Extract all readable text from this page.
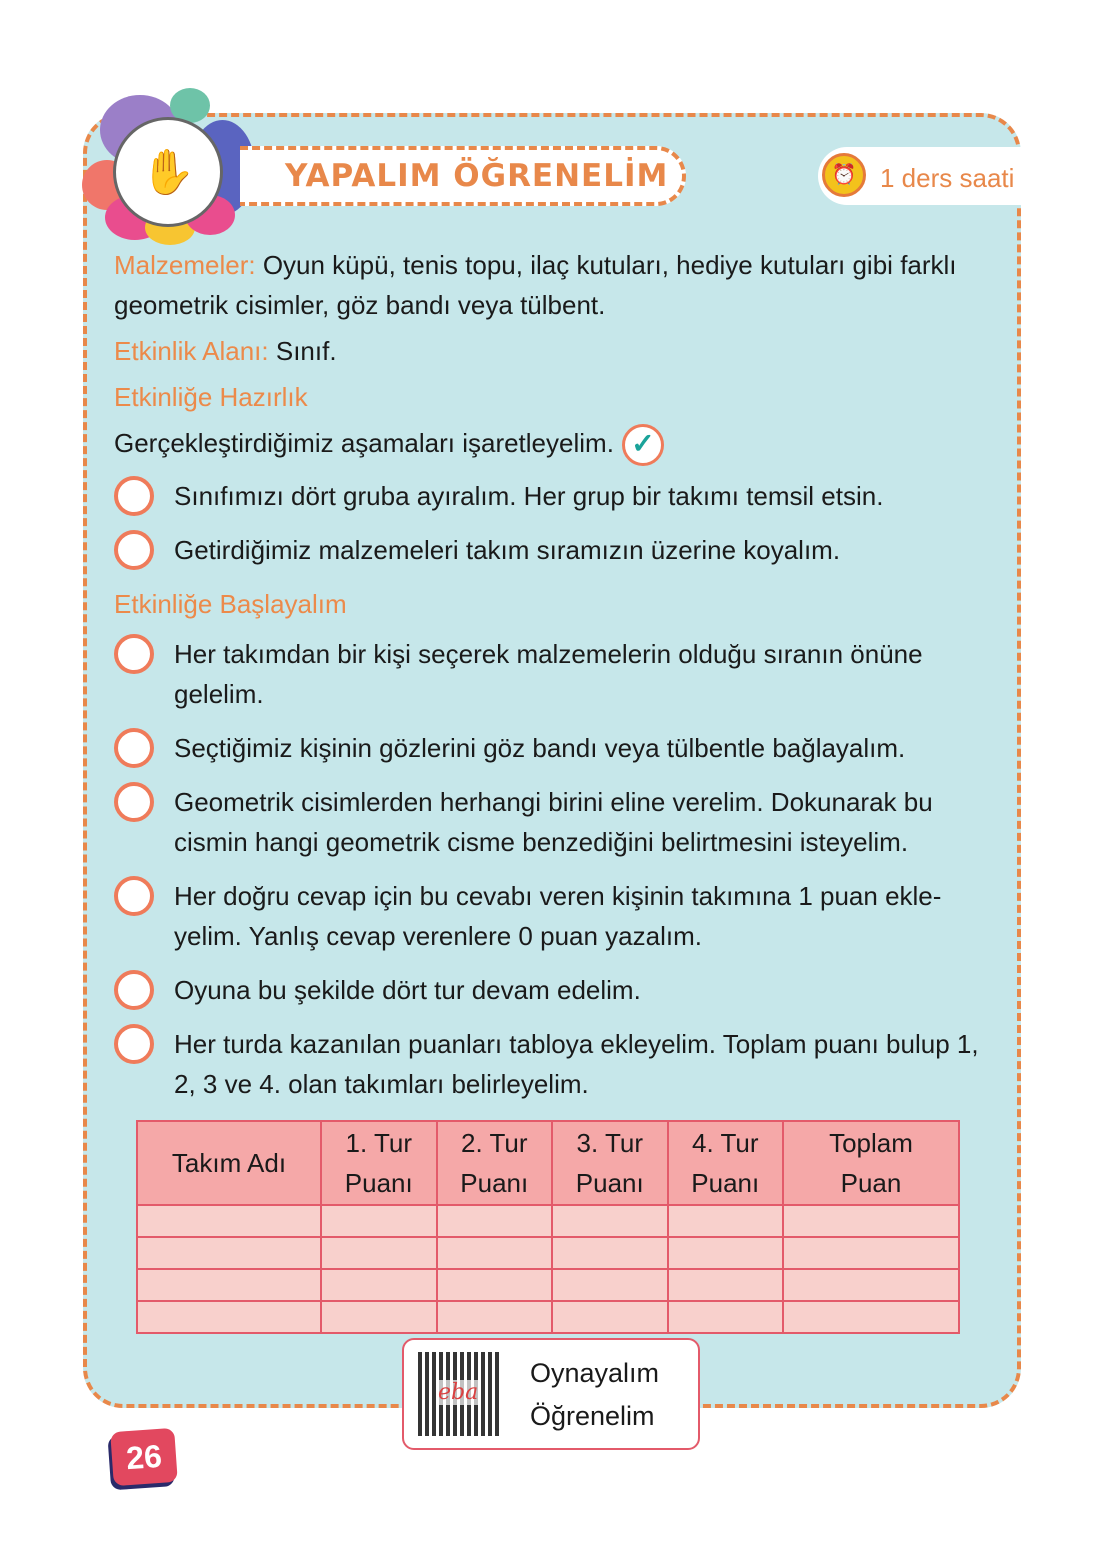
Malzemeler: Oyun küpü, tenis topu, ilaç kutuları, hediye kutuları gibi farklı geometrik cisimler, göz bandı veya tülbent.
Etkinlik Alanı: Sınıf.
Etkinliğe Hazırlık
Gerçekleştirdiğimiz aşamaları işaretleyelim. ✓
Sınıfımızı dört gruba ayıralım. Her grup bir takımı temsil etsin.
Getirdiğimiz malzemeleri takım sıramızın üzerine koyalım.
Etkinliğe Başlayalım
Her takımdan bir kişi seçerek malzemelerin olduğu sıranın önüne gelelim.
Seçtiğimiz kişinin gözlerini göz bandı veya tülbentle bağlayalım.
Geometrik cisimlerden herhangi birini eline verelim. Dokunarak bu cismin hangi geometrik cisme benzediğini belirtmesini isteyelim.
Her doğru cevap için bu cevabı veren kişinin takımına 1 puan ekle-yelim. Yanlış cevap verenlere 0 puan yazalım.
Oyuna bu şekilde dört tur devam edelim.
Her turda kazanılan puanları tabloya ekleyelim. Toplam puanı bulup 1, 2, 3 ve 4. olan takımları belirleyelim.
Takım Adı	1. Tur Puanı	2. Tur Puanı	3. Tur Puanı	4. Tur Puanı	Toplam Puan

✋	YAPALIM ÖĞRENELİM	⏰ 1 ders saati
eba
Oynayalım
Öğrenelim
26
